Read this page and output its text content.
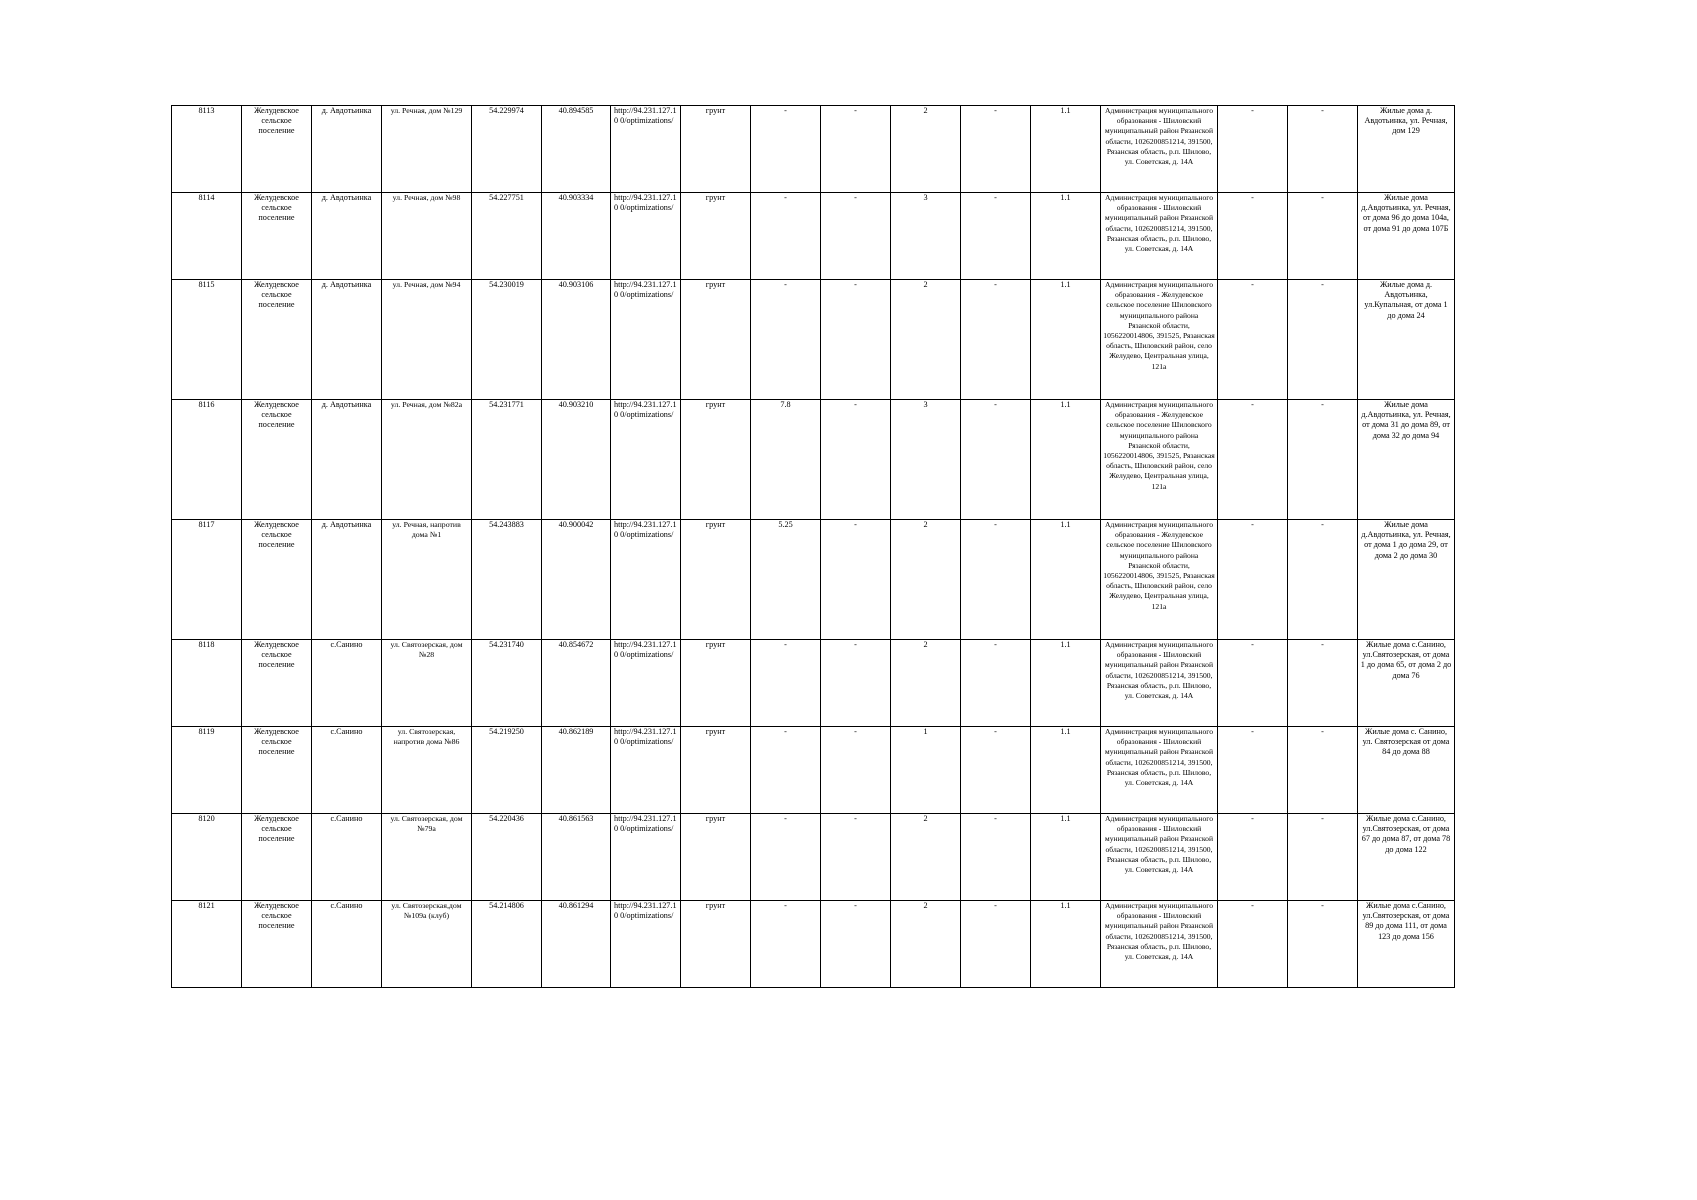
8113	Желудевское сельское поселение	д. Авдотьинка	ул. Речная, дом №129	54.229974	40.894585	http://94.231.127.10 0/optimizations/	грунт	-	-	2	-	1.1	Администрация муниципального образования - Шиловский муниципальный район Рязанской области, 1026200851214, 391500, Рязанская область, р.п. Шилово, ул. Советская, д. 14А	-	-	Жилые дома д. Авдотьинка, ул. Речная, дом 129
8114	Желудевское сельское поселение	д. Авдотьинка	ул. Речная, дом №98	54.227751	40.903334	http://94.231.127.10 0/optimizations/	грунт	-	-	3	-	1.1	Администрация муниципального образования - Шиловский муниципальный район Рязанской области, 1026200851214, 391500, Рязанская область, р.п. Шилово, ул. Советская, д. 14А	-	-	Жилые дома д.Авдотьинка, ул. Речная, от дома 96 до дома 104а, от дома 91 до дома 107Б
8115	Желудевское сельское поселение	д. Авдотьинка	ул. Речная, дом №94	54.230019	40.903106	http://94.231.127.10 0/optimizations/	грунт	-	-	2	-	1.1	Администрация муниципального образования - Желудевское сельское поселение Шиловского муниципального района Рязанской области, 1056220014806, 391525, Рязанская область, Шиловский район, село Желудево, Центральная улица, 121а	-	-	Жилые дома д. Авдотьинка, ул.Купальная, от дома 1 до дома 24
8116	Желудевское сельское поселение	д. Авдотьинка	ул. Речная, дом №82а	54.231771	40.903210	http://94.231.127.10 0/optimizations/	грунт	7.8	-	3	-	1.1	Администрация муниципального образования - Желудевское сельское поселение Шиловского муниципального района Рязанской области, 1056220014806, 391525, Рязанская область, Шиловский район, село Желудево, Центральная улица, 121а	-	-	Жилые дома д.Авдотьинка, ул. Речная, от дома 31 до дома 89, от дома 32 до дома 94
8117	Желудевское сельское поселение	д. Авдотьинка	ул. Речная, напротив дома №1	54.243883	40.900042	http://94.231.127.10 0/optimizations/	грунт	5.25	-	2	-	1.1	Администрация муниципального образования - Желудевское сельское поселение Шиловского муниципального района Рязанской области, 1056220014806, 391525, Рязанская область, Шиловский район, село Желудево, Центральная улица, 121а	-	-	Жилые дома д.Авдотьинка, ул. Речная, от дома 1 до дома 29, от дома 2 до дома 30
8118	Желудевское сельское поселение	с.Санино	ул. Святозерская, дом №28	54.231740	40.854672	http://94.231.127.10 0/optimizations/	грунт	-	-	2	-	1.1	Администрация муниципального образования - Шиловский муниципальный район Рязанской области, 1026200851214, 391500, Рязанская область, р.п. Шилово, ул. Советская, д. 14А	-	-	Жилые дома с.Санино, ул.Святозерская, от дома 1 до дома 65, от дома 2 до дома 76
8119	Желудевское сельское поселение	с.Санино	ул. Святозерская, напротив дома №86	54.219250	40.862189	http://94.231.127.10 0/optimizations/	грунт	-	-	1	-	1.1	Администрация муниципального образования - Шиловский муниципальный район Рязанской области, 1026200851214, 391500, Рязанская область, р.п. Шилово, ул. Советская, д. 14А	-	-	Жилые дома с. Санино, ул. Святозерская от дома 84 до дома 88
8120	Желудевское сельское поселение	с.Санино	ул. Святозерская, дом №79а	54.220436	40.861563	http://94.231.127.10 0/optimizations/	грунт	-	-	2	-	1.1	Администрация муниципального образования - Шиловский муниципальный район Рязанской области, 1026200851214, 391500, Рязанская область, р.п. Шилово, ул. Советская, д. 14А	-	-	Жилые дома с.Санино, ул.Святозерская, от дома 67 до дома 87, от дома 78 до дома 122
8121	Желудевское сельское поселение	с.Санино	ул. Святозерская,дом №109а (клуб)	54.214806	40.861294	http://94.231.127.10 0/optimizations/	грунт	-	-	2	-	1.1	Администрация муниципального образования - Шиловский муниципальный район Рязанской области, 1026200851214, 391500, Рязанская область, р.п. Шилово, ул. Советская, д. 14А	-	-	Жилые дома с.Санино, ул.Святозерская, от дома 89 до дома 111, от дома 123 до дома 156
